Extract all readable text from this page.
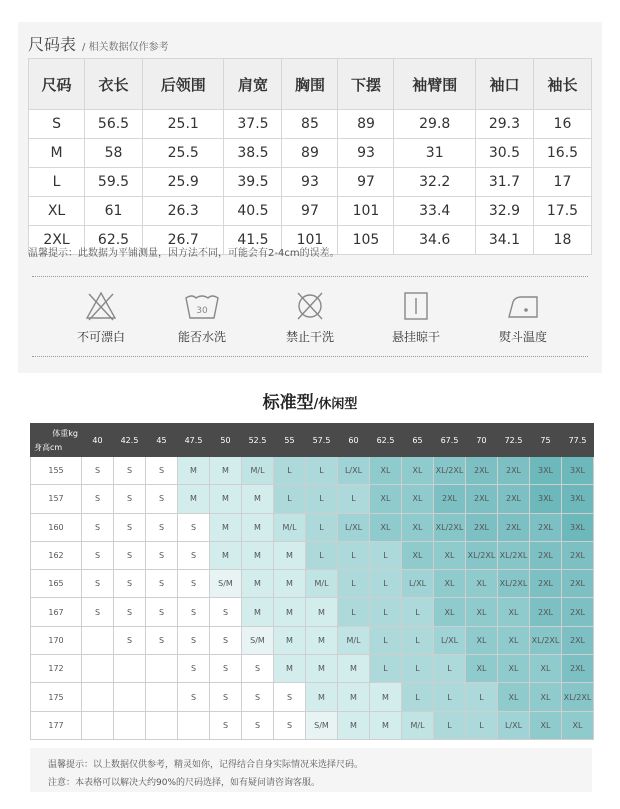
尺码表 / 相关数据仅作参考
尺码	衣长	后领围	肩宽	胸围	下摆	袖臂围	袖口	袖长
S	56.5	25.1	37.5	85	89	29.8	29.3	16
M	58	25.5	38.5	89	93	31	30.5	16.5
L	59.5	25.9	39.5	93	97	32.2	31.7	17
XL	61	26.3	40.5	97	101	33.4	32.9	17.5
2XL	62.5	26.7	41.5	101	105	34.6	34.1	18
温馨提示：此数据为平铺测量，因方法不同，可能会有2-4cm的误差。
不可漂白
30
能否水洗	禁止干洗	悬挂晾干	熨斗温度
标准型/休闲型
体重kg
身高cm	40	42.5	45	47.5	50	52.5	55	57.5	60	62.5	65	67.5	70	72.5	75	77.5
155	S	S	S	M	M	M/L	L	L	L/XL	XL	XL	XL/2XL	2XL	2XL	3XL	3XL
157	S	S	S	M	M	M	L	L	L	XL	XL	2XL	2XL	2XL	3XL	3XL
160	S	S	S	S	M	M	M/L	L	L/XL	XL	XL	XL/2XL	2XL	2XL	2XL	3XL
162	S	S	S	S	M	M	M	L	L	L	XL	XL	XL/2XL	XL/2XL	2XL	2XL
165	S	S	S	S	S/M	M	M	M/L	L	L	L/XL	XL	XL	XL/2XL	2XL	2XL
167	S	S	S	S	S	M	M	M	L	L	L	XL	XL	XL	2XL	2XL
170		S	S	S	S	S/M	M	M	M/L	L	L	L/XL	XL	XL	XL/2XL	2XL
172				S	S	S	M	M	M	L	L	L	XL	XL	XL	2XL
175				S	S	S	S	M	M	M	L	L	L	XL	XL	XL/2XL
177					S	S	S	S/M	M	M	M/L	L	L	L/XL	XL	XL
温馨提示：以上数据仅供参考，精灵如你，记得结合自身实际情况来选择尺码。
注意：本表格可以解决大约90%的尺码选择，如有疑问请咨询客服。
